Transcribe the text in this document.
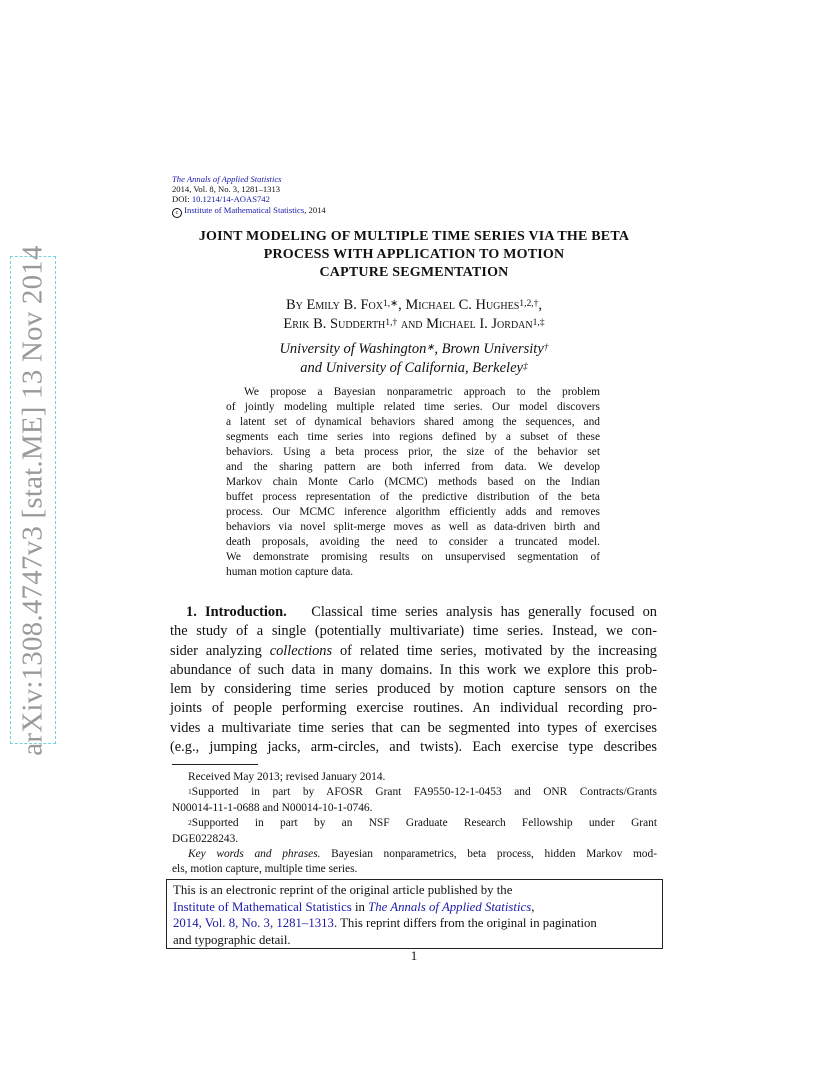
arXiv:1308.4747v3 [stat.ME] 13 Nov 2014
The Annals of Applied Statistics
2014, Vol. 8, No. 3, 1281–1313
DOI: 10.1214/14-AOAS742
c Institute of Mathematical Statistics, 2014
JOINT MODELING OF MULTIPLE TIME SERIES VIA THE BETA
PROCESS WITH APPLICATION TO MOTION
CAPTURE SEGMENTATION
By Emily B. Fox$^{1,∗}$, Michael C. Hughes$^{1,2,\dagger}$,
Erik B. Sudderth$^{1,\dagger}$ and Michael I. Jordan$^{1,\ddagger}$
University of Washington∗, Brown University†
and University of California, Berkeley‡
We propose a Bayesian nonparametric approach to the problem
of jointly modeling multiple related time series. Our model discovers
a latent set of dynamical behaviors shared among the sequences, and
segments each time series into regions defined by a subset of these
behaviors. Using a beta process prior, the size of the behavior set
and the sharing pattern are both inferred from data. We develop
Markov chain Monte Carlo (MCMC) methods based on the Indian
buffet process representation of the predictive distribution of the beta
process. Our MCMC inference algorithm efficiently adds and removes
behaviors via novel split-merge moves as well as data-driven birth and
death proposals, avoiding the need to consider a truncated model.
We demonstrate promising results on unsupervised segmentation of
human motion capture data.
1. Introduction. Classical time series analysis has generally focused on
the study of a single (potentially multivariate) time series. Instead, we con-
sider analyzing collections of related time series, motivated by the increasing
abundance of such data in many domains. In this work we explore this prob-
lem by considering time series produced by motion capture sensors on the
joints of people performing exercise routines. An individual recording pro-
vides a multivariate time series that can be segmented into types of exercises
(e.g., jumping jacks, arm-circles, and twists). Each exercise type describes
Received May 2013; revised January 2014.
$^1$Supported in part by AFOSR Grant FA9550-12-1-0453 and ONR Contracts/Grants
N00014-11-1-0688 and N00014-10-1-0746.
$^2$Supported in part by an NSF Graduate Research Fellowship under Grant
DGE0228243.
Key words and phrases. Bayesian nonparametrics, beta process, hidden Markov mod-
els, motion capture, multiple time series.
This is an electronic reprint of the original article published by the
Institute of Mathematical Statistics in The Annals of Applied Statistics,
2014, Vol. 8, No. 3, 1281–1313. This reprint differs from the original in pagination
and typographic detail.
1
